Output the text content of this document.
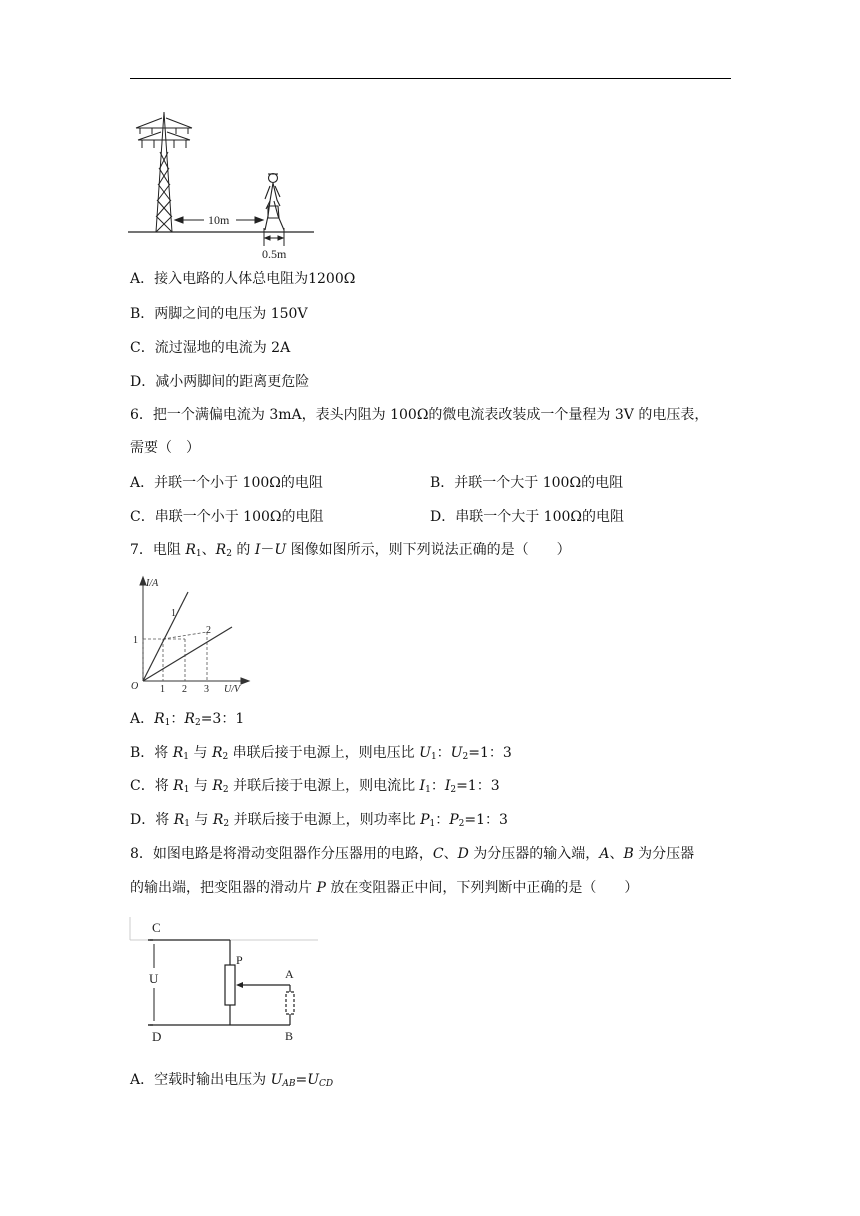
10m
0.5m
A．接入电路的人体总电阻为1200Ω
B．两脚之间的电压为 150V
C．流过湿地的电流为 2A
D．减小两脚间的距离更危险
6．把一个满偏电流为 3mA，表头内阻为 100Ω的微电流表改装成一个量程为 3V 的电压表，
需要（　）
A．并联一个小于 100Ω的电阻	B．并联一个大于 100Ω的电阻
C．串联一个小于 100Ω的电阻	D．串联一个大于 100Ω的电阻
7．电阻 $R_1$、$R_2$ 的 I－U 图像如图所示，则下列说法正确的是（　　）
1
2
I/A
U/V
O
1
1 2 3
A．$R_1$：$R_2=3$：1
B．将 $R_1$ 与 $R_2$ 串联后接于电源上，则电压比 $U_1$：$U_2=1$：3
C．将 $R_1$ 与 $R_2$ 并联后接于电源上，则电流比 $I_1$：$I_2=1$：3
D．将 $R_1$ 与 $R_2$ 并联后接于电源上，则功率比 $P_1$：$P_2=1$：3
8．如图电路是将滑动变阻器作分压器用的电路，C、D 为分压器的输入端，A、B 为分压器
的输出端，把变阻器的滑动片 P 放在变阻器正中间，下列判断中正确的是（　　）
C
D
U
P
A
B
A．空载时输出电压为 $U_{AB}=U_{CD}$
